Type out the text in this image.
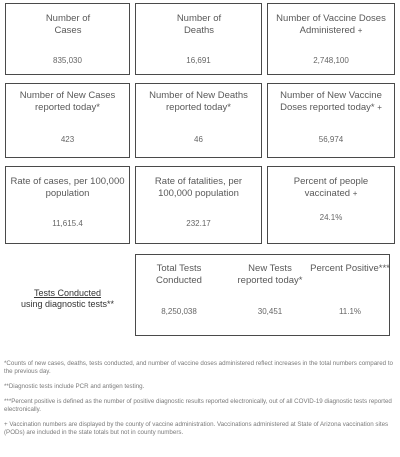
Number of Cases
835,030
Number of Deaths
16,691
Number of Vaccine Doses Administered +
2,748,100
Number of New Cases reported today*
423
Number of New Deaths reported today*
46
Number of New Vaccine Doses reported today* +
56,974
Rate of cases, per 100,000 population
11,615.4
Rate of fatalities, per 100,000 population
232.17
Percent of people vaccinated +
24.1%
Tests Conducted
using diagnostic tests**
Total Tests Conducted
8,250,038
New Tests reported today*
30,451
Percent Positive***
11.1%

*Counts of new cases, deaths, tests conducted, and number of vaccine doses administered reflect increases in the total numbers compared to the previous day.

**Diagnostic tests include PCR and antigen testing.

***Percent positive is defined as the number of positive diagnostic results reported electronically, out of all COVID-19 diagnostic tests reported electronically.

+ Vaccination numbers are displayed by the county of vaccine administration. Vaccinations administered at State of Arizona vaccination sites (PODs) are included in the state totals but not in county numbers.
